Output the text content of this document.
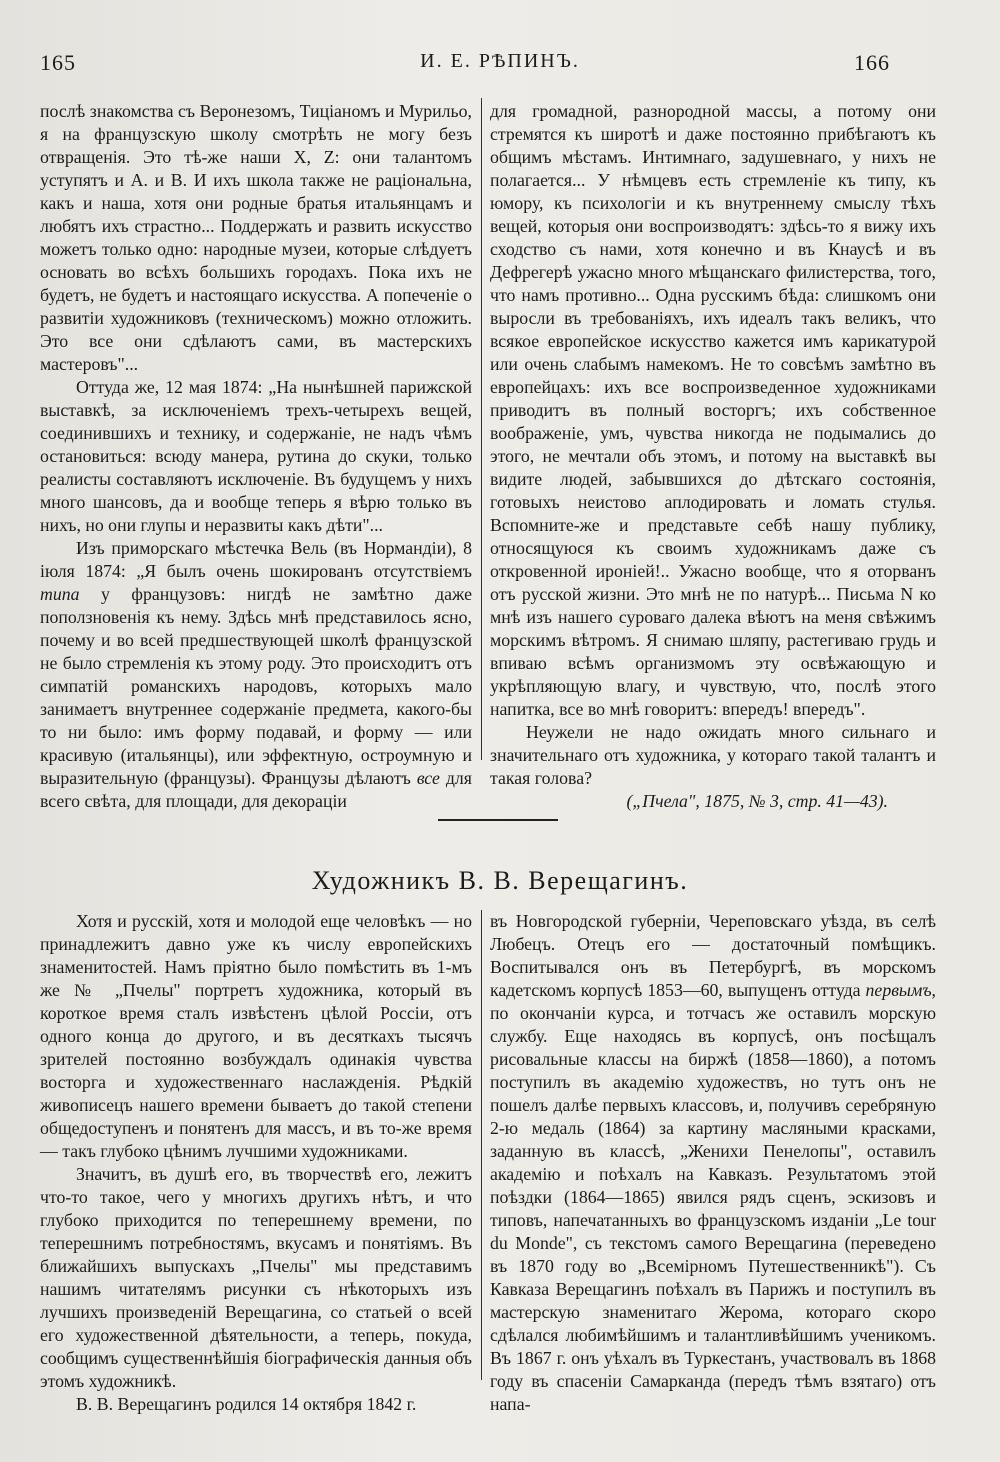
165	И. Е. РѢПИНЪ.	166

послѣ знакомства съ Веронезомъ, Тиціаномъ и Мурильо, я на французскую школу смотрѣть не могу безъ отвращенія. Это тѣ-же наши X, Z: они талантомъ уступятъ и А. и В. И ихъ школа также не раціональна, какъ и наша, хотя они родные братья итальянцамъ и любятъ ихъ страстно... Поддержать и развить искусство можетъ только одно: народные музеи, которые слѣдуетъ основать во всѣхъ большихъ городахъ. Пока ихъ не будетъ, не будетъ и настоящаго искусства. А попеченіе о развитіи художниковъ (техническомъ) можно отложить. Это все они сдѣлаютъ сами, въ мастерскихъ мастеровъ"...

Оттуда же, 12 мая 1874: „На нынѣшней парижской выставкѣ, за исключеніемъ трехъ-четырехъ вещей, соединившихъ и технику, и содержаніе, не надъ чѣмъ остановиться: всюду манера, рутина до скуки, только реалисты составляютъ исключеніе. Въ будущемъ у нихъ много шансовъ, да и вообще теперь я вѣрю только въ нихъ, но они глупы и неразвиты какъ дѣти"...

Изъ приморскаго мѣстечка Вель (въ Нормандіи), 8 іюля 1874: „Я былъ очень шокированъ отсутствіемъ типа у французовъ: нигдѣ не замѣтно даже поползновенія къ нему. Здѣсь мнѣ представилось ясно, почему и во всей предшествующей школѣ французской не было стремленія къ этому роду. Это происходитъ отъ симпатій романскихъ народовъ, которыхъ мало занимаетъ внутреннее содержаніе предмета, какого-бы то ни было: имъ форму подавай, и форму — или красивую (итальянцы), или эффектную, остроумную и выразительную (французы). Французы дѣлаютъ все для всего свѣта, для площади, для декораціи

для громадной, разнородной массы, а потому они стремятся къ широтѣ и даже постоянно прибѣгаютъ къ общимъ мѣстамъ. Интимнаго, задушевнаго, у нихъ не полагается... У нѣмцевъ есть стремленіе къ типу, къ юмору, къ психологіи и къ внутреннему смыслу тѣхъ вещей, которыя они воспроизводятъ: здѣсь-то я вижу ихъ сходство съ нами, хотя конечно и въ Кнаусѣ и въ Дефрегерѣ ужасно много мѣщанскаго филистерства, того, что намъ противно... Одна русскимъ бѣда: слишкомъ они выросли въ требованіяхъ, ихъ идеалъ такъ великъ, что всякое европейское искусство кажется имъ карикатурой или очень слабымъ намекомъ. Не то совсѣмъ замѣтно въ европейцахъ: ихъ все воспроизведенное художниками приводитъ въ полный восторгъ; ихъ собственное воображеніе, умъ, чувства никогда не подымались до этого, не мечтали объ этомъ, и потому на выставкѣ вы видите людей, забывшихся до дѣтскаго состоянія, готовыхъ неистово аплодировать и ломать стулья. Вспомните-же и представьте себѣ нашу публику, относящуюся къ своимъ художникамъ даже съ откровенной ироніей!.. Ужасно вообще, что я оторванъ отъ русской жизни. Это мнѣ не по натурѣ... Письма N ко мнѣ изъ нашего суроваго далека вѣютъ на меня свѣжимъ морскимъ вѣтромъ. Я снимаю шляпу, растегиваю грудь и впиваю всѣмъ организмомъ эту освѣжающую и укрѣпляющую влагу, и чувствую, что, послѣ этого напитка, все во мнѣ говоритъ: впередъ! впередъ".

Неужели не надо ожидать много сильнаго и значительнаго отъ художника, у котораго такой талантъ и такая голова?

(„Пчела", 1875, № 3, стр. 41—43).

Художникъ В. В. Верещагинъ.

Хотя и русскій, хотя и молодой еще человѣкъ — но принадлежитъ давно уже къ числу европейскихъ знаменитостей. Намъ пріятно было помѣстить въ 1-мъ же № „Пчелы" портретъ художника, который въ короткое время сталъ извѣстенъ цѣлой Россіи, отъ одного конца до другого, и въ десяткахъ тысячъ зрителей постоянно возбуждалъ одинакія чувства восторга и художественнаго наслажденія. Рѣдкій живописецъ нашего времени бываетъ до такой степени общедоступенъ и понятенъ для массъ, и въ то-же время — такъ глубоко цѣнимъ лучшими художниками.

Значитъ, въ душѣ его, въ творчествѣ его, лежитъ что-то такое, чего у многихъ другихъ нѣтъ, и что глубоко приходится по теперешнему времени, по теперешнимъ потребностямъ, вкусамъ и понятіямъ. Въ ближайшихъ выпускахъ „Пчелы" мы представимъ нашимъ читателямъ рисунки съ нѣкоторыхъ изъ лучшихъ произведеній Верещагина, со статьей о всей его художественной дѣятельности, а теперь, покуда, сообщимъ существеннѣйшія біографическія данныя объ этомъ художникѣ.

В. В. Верещагинъ родился 14 октября 1842 г.

въ Новгородской губерніи, Череповскаго уѣзда, въ селѣ Любецъ. Отецъ его — достаточный помѣщикъ. Воспитывался онъ въ Петербургѣ, въ морскомъ кадетскомъ корпусѣ 1853—60, выпущенъ оттуда первымъ, по окончаніи курса, и тотчасъ же оставилъ морскую службу. Еще находясь въ корпусѣ, онъ посѣщалъ рисовальные классы на биржѣ (1858—1860), а потомъ поступилъ въ академію художествъ, но тутъ онъ не пошелъ далѣе первыхъ классовъ, и, получивъ серебряную 2-ю медаль (1864) за картину масляными красками, заданную въ классѣ, „Женихи Пенелопы", оставилъ академію и поѣхалъ на Кавказъ. Результатомъ этой поѣздки (1864—1865) явился рядъ сценъ, эскизовъ и типовъ, напечатанныхъ во французскомъ изданіи „Le tour du Monde", съ текстомъ самого Верещагина (переведено въ 1870 году во „Всемірномъ Путешественникѣ"). Съ Кавказа Верещагинъ поѣхалъ въ Парижъ и поступилъ въ мастерскую знаменитаго Жерома, котораго скоро сдѣлался любимѣйшимъ и талантливѣйшимъ ученикомъ. Въ 1867 г. онъ уѣхалъ въ Туркестанъ, участвовалъ въ 1868 году въ спасеніи Самарканда (передъ тѣмъ взятаго) отъ напа-
